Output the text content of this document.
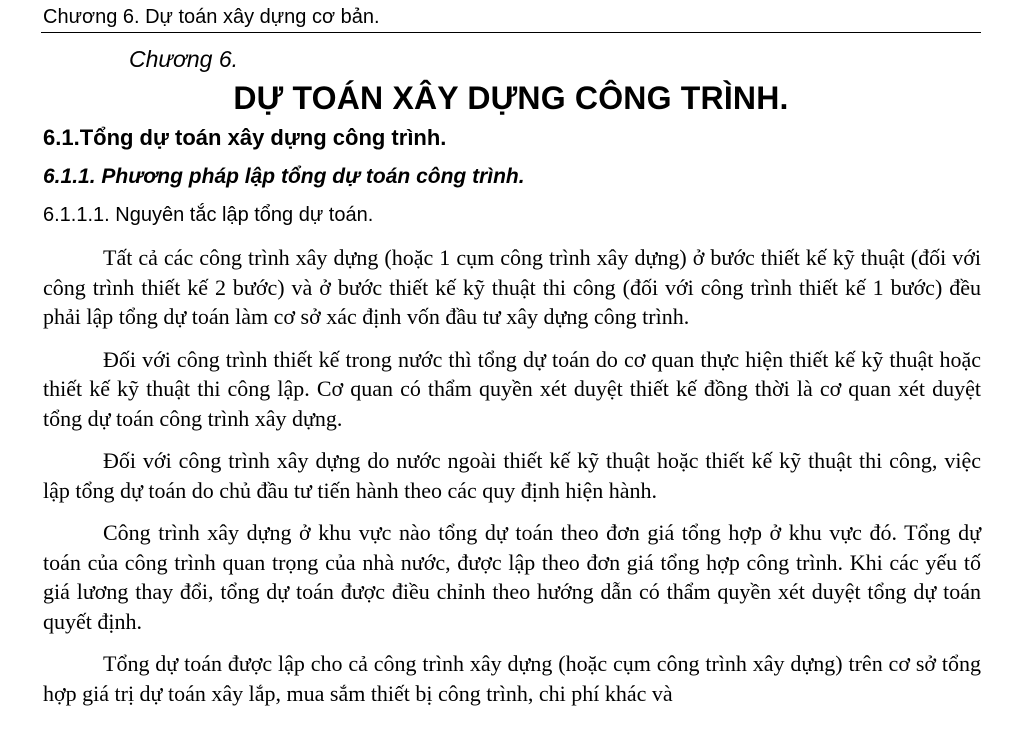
Chương 6. Dự toán xây dựng cơ bản.
Chương 6.
DỰ TOÁN XÂY DỰNG CÔNG TRÌNH.
6.1.Tổng dự toán xây dựng công trình.
6.1.1. Phương pháp lập tổng dự toán công trình.
6.1.1.1. Nguyên tắc lập tổng dự toán.

Tất cả các công trình xây dựng (hoặc 1 cụm công trình xây dựng) ở bước thiết kế kỹ thuật (đối với công trình thiết kế 2 bước) và ở bước thiết kế kỹ thuật thi công (đối với công trình thiết kế 1 bước) đều phải lập tổng dự toán làm cơ sở xác định vốn đầu tư xây dựng công trình.

Đối với công trình thiết kế trong nước thì tổng dự toán do cơ quan thực hiện thiết kế kỹ thuật hoặc thiết kế kỹ thuật thi công lập. Cơ quan có thẩm quyền xét duyệt thiết kế đồng thời là cơ quan xét duyệt tổng dự toán công trình xây dựng.

Đối với công trình xây dựng do nước ngoài thiết kế kỹ thuật hoặc thiết kế kỹ thuật thi công, việc lập tổng dự toán do chủ đầu tư tiến hành theo các quy định hiện hành.

Công trình xây dựng ở khu vực nào tổng dự toán theo đơn giá tổng hợp ở khu vực đó. Tổng dự toán của công trình quan trọng của nhà nước, được lập theo đơn giá tổng hợp công trình. Khi các yếu tố giá lương thay đổi, tổng dự toán được điều chỉnh theo hướng dẫn có thẩm quyền xét duyệt tổng dự toán quyết định.

Tổng dự toán được lập cho cả công trình xây dựng (hoặc cụm công trình xây dựng) trên cơ sở tổng hợp giá trị dự toán xây lắp, mua sắm thiết bị công trình, chi phí khác và
